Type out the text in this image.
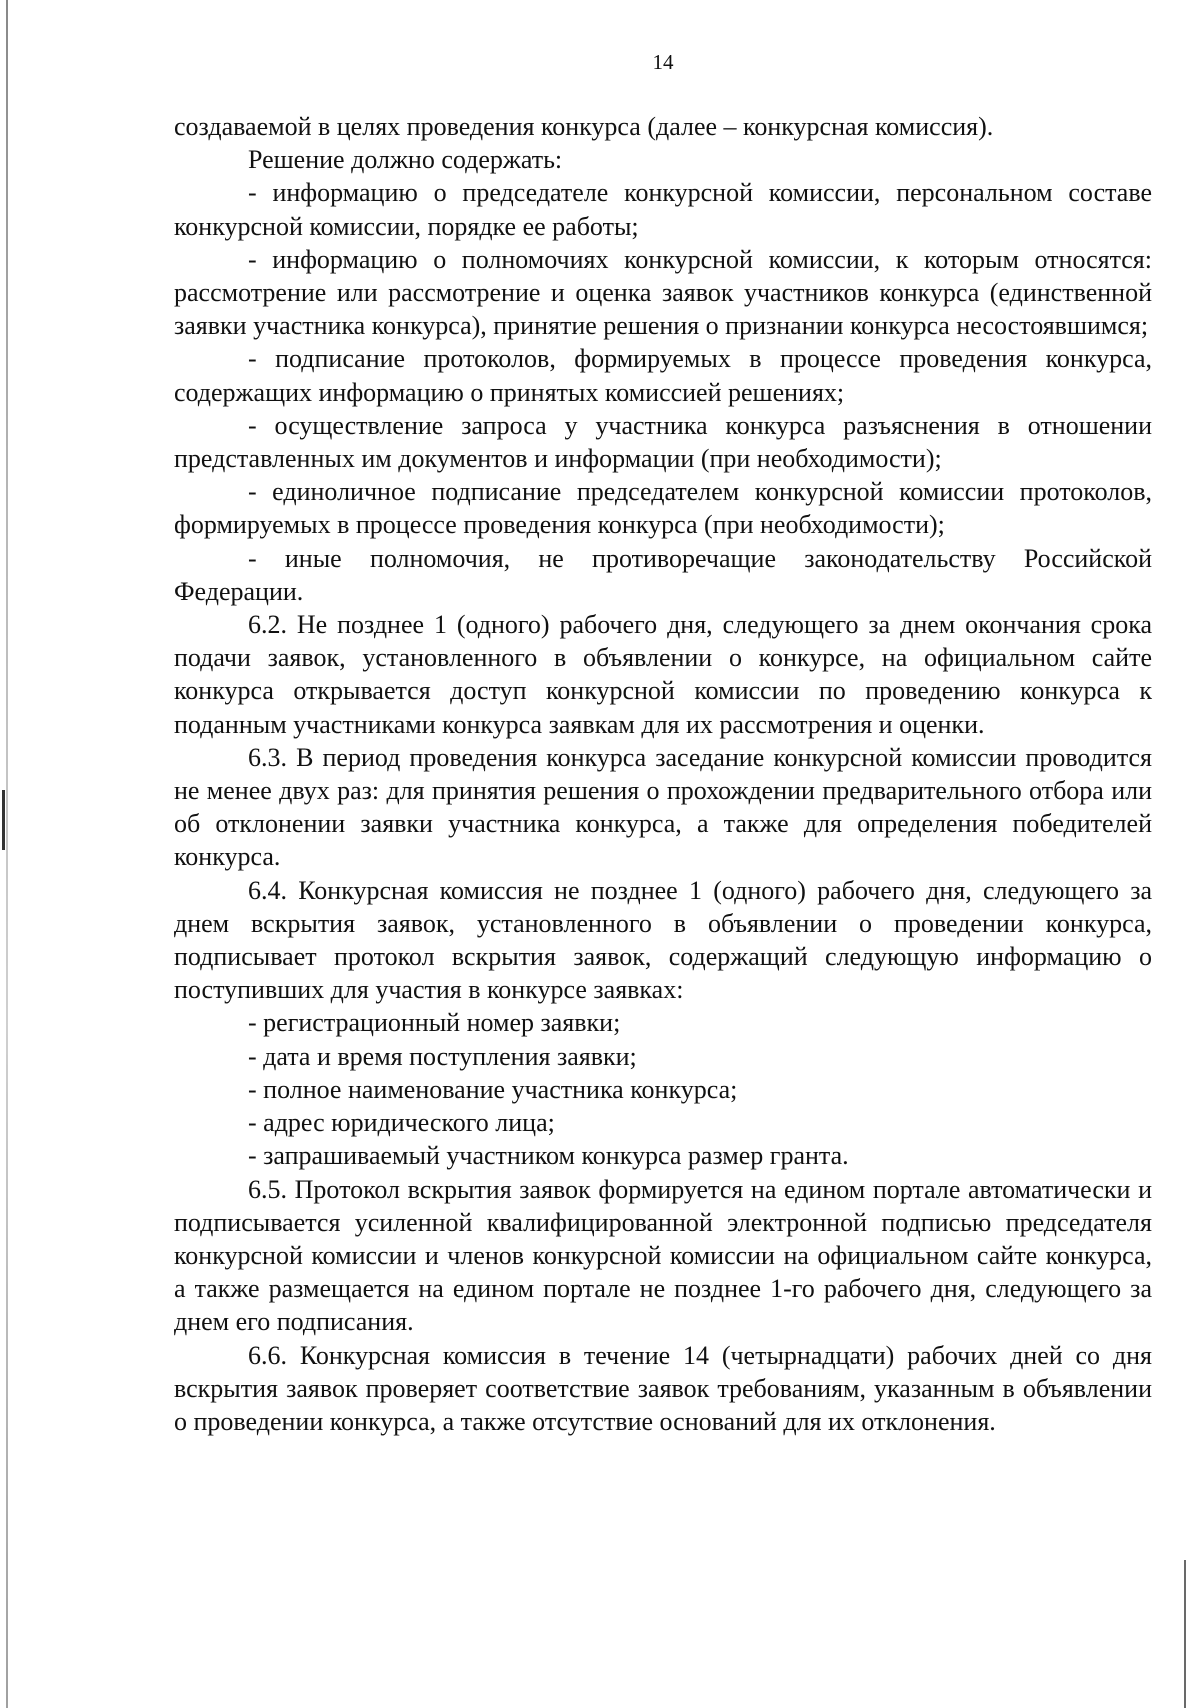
14

создаваемой в целях проведения конкурса (далее – конкурсная комиссия).

Решение должно содержать:

- информацию о председателе конкурсной комиссии, персональном составе конкурсной комиссии, порядке ее работы;

- информацию о полномочиях конкурсной комиссии, к которым относятся: рассмотрение или рассмотрение и оценка заявок участников конкурса (единственной заявки участника конкурса), принятие решения о признании конкурса несостоявшимся;

- подписание протоколов, формируемых в процессе проведения конкурса, содержащих информацию о принятых комиссией решениях;

- осуществление запроса у участника конкурса разъяснения в отношении представленных им документов и информации (при необходимости);

- единоличное подписание председателем конкурсной комиссии протоколов, формируемых в процессе проведения конкурса (при необходимости);

- иные полномочия, не противоречащие законодательству Российской Федерации.

6.2. Не позднее 1 (одного) рабочего дня, следующего за днем окончания срока подачи заявок, установленного в объявлении о конкурсе, на официальном сайте конкурса открывается доступ конкурсной комиссии по проведению конкурса к поданным участниками конкурса заявкам для их рассмотрения и оценки.

6.3. В период проведения конкурса заседание конкурсной комиссии проводится не менее двух раз: для принятия решения о прохождении предварительного отбора или об отклонении заявки участника конкурса, а также для определения победителей конкурса.

6.4. Конкурсная комиссия не позднее 1 (одного) рабочего дня, следующего за днем вскрытия заявок, установленного в объявлении о проведении конкурса, подписывает протокол вскрытия заявок, содержащий следующую информацию о поступивших для участия в конкурсе заявках:

- регистрационный номер заявки;

- дата и время поступления заявки;

- полное наименование участника конкурса;

- адрес юридического лица;

- запрашиваемый участником конкурса размер гранта.

6.5. Протокол вскрытия заявок формируется на едином портале автоматически и подписывается усиленной квалифицированной электронной подписью председателя конкурсной комиссии и членов конкурсной комиссии на официальном сайте конкурса, а также размещается на едином портале не позднее 1-го рабочего дня, следующего за днем его подписания.

6.6. Конкурсная комиссия в течение 14 (четырнадцати) рабочих дней со дня вскрытия заявок проверяет соответствие заявок требованиям, указанным в объявлении о проведении конкурса, а также отсутствие оснований для их отклонения.
